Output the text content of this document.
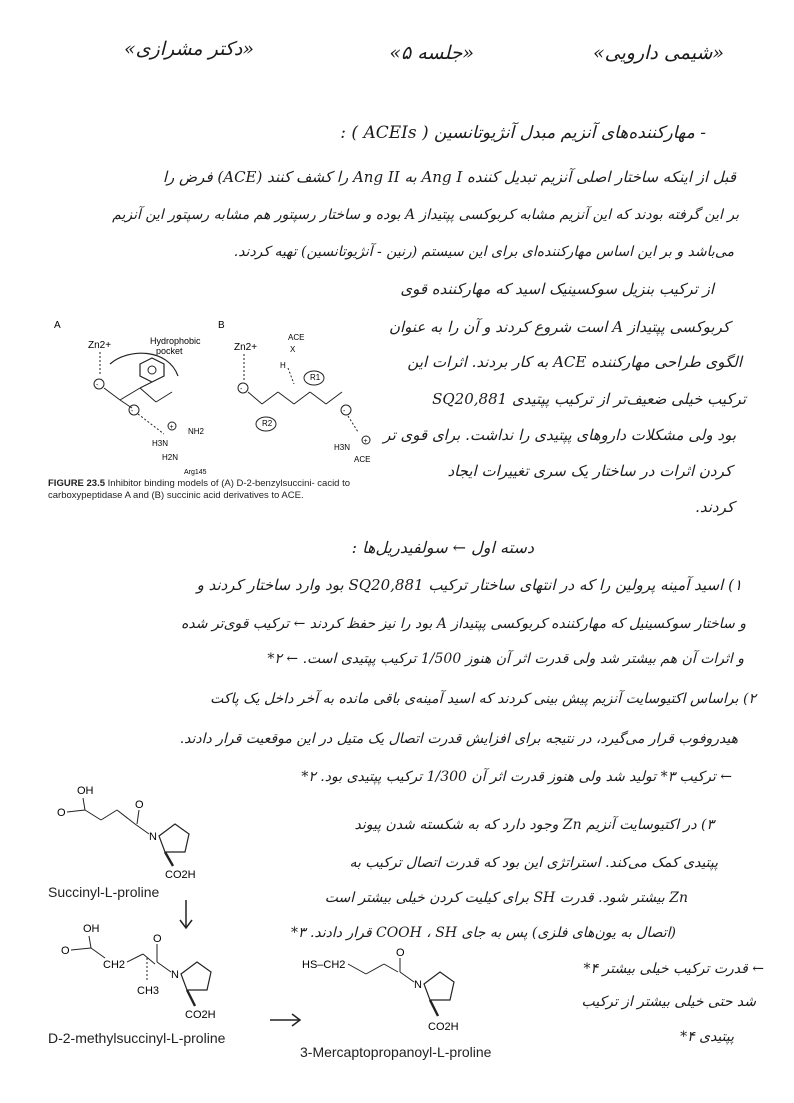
«شیمی دارویی»
«جلسه ۵»
«دکتر مشرازی»
- مهارکننده‌های آنزیم مبدل آنژیوتانسین ( ACEIs ) :
قبل از اینکه ساختار اصلی آنزیم تبدیل کننده Ang I به Ang II را کشف کنند (ACE) فرض را
بر این گرفته بودند که این آنزیم مشابه کربوکسی پپتیداز A بوده و ساختار رسپتور هم مشابه رسپتور این آنزیم
می‌باشد و بر این اساس مهارکننده‌ای برای این سیستم (رنین - آنژیوتانسین) تهیه کردند.
از ترکیب بنزیل سوکسینیک اسید که مهارکننده قوی
کربوکسی پپتیداز A است شروع کردند و آن را به عنوان
الگوی طراحی مهارکننده ACE به کار بردند. اثرات این
ترکیب خیلی ضعیف‌تر از ترکیب پپتیدی SQ20,881
بود ولی مشکلات داروهای پپتیدی را نداشت. برای قوی تر
کردن اثرات در ساختار یک سری تغییرات ایجاد
کردند.
A
Zn2+	Hydrophobic
pocket
-
-
NH2
H3N
H2N
Arg145
+
B
Zn2+
ACE
X
H
-
R1
R2
-
H3N
ACE
+
FIGURE 23.5 Inhibitor binding models of (A) D-2-benzylsuccini- cacid to carboxypeptidase A and (B) succinic acid derivatives to ACE.
دسته اول ← سولفیدریل‌ها :
۱) اسید آمینه پرولین را که در انتهای ساختار ترکیب SQ20,881 بود وارد ساختار کردند و
و ساختار سوکسینیل که مهارکننده کربوکسی پپتیداز A بود را نیز حفظ کردند ← ترکیب قوی‌تر شده
و اثرات آن هم بیشتر شد ولی قدرت اثر آن هنوز 1/500 ترکیب پپتیدی است. ← ۲*
۲) براساس اکتیوسایت آنزیم پیش بینی کردند که اسید آمینه‌ی باقی مانده به آخر داخل یک پاکت
هیدروفوب قرار می‌گیرد، در نتیجه برای افزایش قدرت اتصال یک متیل در این موقعیت قرار دادند.
← ترکیب ۳* تولید شد ولی هنوز قدرت اثر آن 1/300 ترکیب پپتیدی بود. ۲*
۳) در اکتیوسایت آنزیم Zn وجود دارد که به شکسته شدن پیوند
پپتیدی کمک می‌کند. استراتژی این بود که قدرت اتصال ترکیب به
Zn بیشتر شود. قدرت SH برای کیلیت کردن خیلی بیشتر است
(اتصال به یون‌های فلزی) پس به جای COOH ، SH قرار دادند. ۳*
← قدرت ترکیب خیلی بیشتر ۴*
شد حتی خیلی بیشتر از ترکیب
پپتیدی ۴*
OH
O
O
N
CO2H
Succinyl-L-proline
OH
O
CH2
CH3
O
N
CO2H
D-2-methylsuccinyl-L-proline
HS–CH2
O
N
CO2H
3-Mercaptopropanoyl-L-proline
